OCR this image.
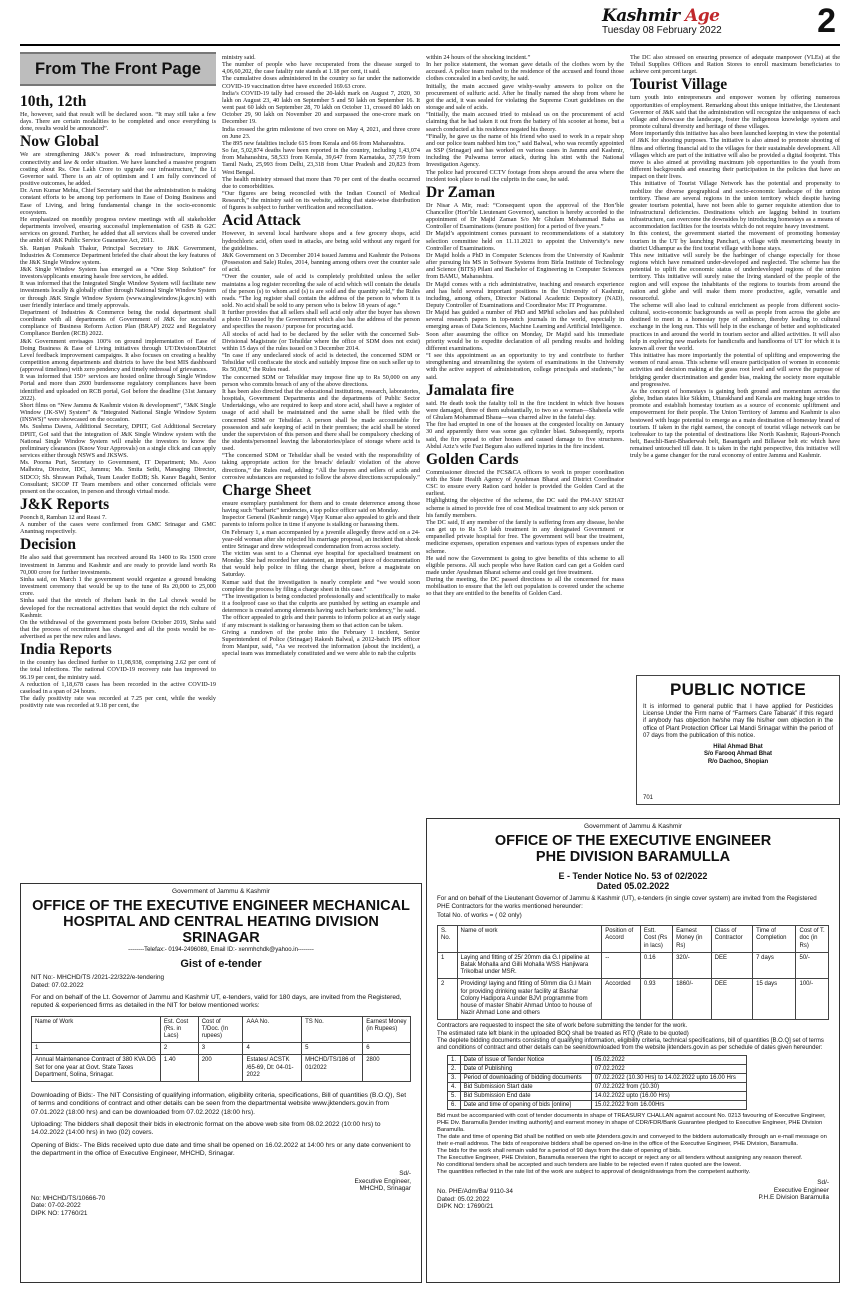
Kashmir Age
Tuesday 08 February 2022	2
From The Front Page
10th, 12th

He, however, said that result will be declared soon. “It may still take a few days. There are certain modalities to be completed and once everything is done, results would be announced”.

Now Global

We are strengthening J&K’s power & road infrastructure, improving connectivity and law & order situation. We have launched a massive program costing about Rs. One Lakh Crore to upgrade our infrastructure,” the Lt Governor said. There is an air of optimism and I am fully convinced of positive outcomes, he added.

Dr. Arun Kumar Mehta, Chief Secretary said that the administration is making constant efforts to be among top performers in Ease of Doing Business and Ease of Living, and bring fundamental change in the socio-economic ecosystem.

He emphasized on monthly progress review meetings with all stakeholder departments involved, ensuring successful implementation of GSB & G2C services on ground. Further, he added that all services shall be covered under the ambit of J&K Public Service Guarantee Act, 2011.

Sh. Ranjan Prakash Thakur, Principal Secretary to J&K Government, Industries & Commerce Department briefed the chair about the key features of the J&K Single Window system.

J&K Single Window System has emerged as a “One Stop Solution” for investors/applicants ensuring hassle free services, he added.

It was informed that the Integrated Single Window System will facilitate new investments locally & globally either through National Single Window System or through J&K Single Window System (www.singlewindow.jk.gov.in) with user friendly interface and timely approvals.

Department of Industries & Commerce being the nodal department shall coordinate with all departments of Government of J&K for successful compliance of Business Reform Action Plan (BRAP) 2022 and Regulatory Compliance Burden (RCB) 2022.

J&K Government envisages 100% on ground implementation of Ease of Doing Business & Ease of Living initiatives through UT/Division/District Level feedback improvement campaigns. It also focuses on creating a healthy competition among departments and districts to have the best MIS dashboard (approval timelines) with zero pendency and timely redressal of grievances.

It was informed that 150+ services are hosted online through Single Window Portal and more than 2600 burdensome regulatory compliances have been identified and uploaded on RCB portal, GoI before the deadline (31st January 2022).

Short films on “New Jammu & Kashmir vision & development”, “J&K Single Window (JK-SW) System” & “Integrated National Single Window System (INSWS)” were showcased on the occasion.

Ms. Sushma Dawra, Additional Secretary, DPIIT, GoI Additional Secretary DPIIT, GoI said that the integration of J&K Single Window system with the National Single Window System will enable the investors to know the preliminary clearances (Know Your Approvals) on a single click and can apply services either through NSWS and JKSWS.

Ms. Poorna Puri, Secretary to Government, IT Department; Ms. Asoo Malhotra, Director, IDC, Jammu; Ms. Smita Sethi, Managing Director, SIDCO; Sh. Shrawan Pathak, Team Leader EoDB; Sh. Karav Bagahi, Senior Consultant; SICOP IT Team members and other concerned officials were present on the occasion, in person and through virtual mode.

J&K Reports

Poonch 8, Ramban 12 and Reasi 7.

A number of the cases were confirmed from GMC Srinagar and GMC Anantnag respectively.

Decision

He also said that government has received around Rs 1400 to Rs 1500 crore investment in Jammu and Kashmir and are ready to provide land worth Rs 70,000 crore for further investments.

Sinha said, on March 1 the government would organize a ground breaking investment ceremony that would be up to the tune of Rs 20,000 to 25,000 crore.

Sinha said that the stretch of Jhelum bank in the Lal chowk would be developed for the recreational activities that would depict the rich culture of Kashmir.

On the withdrawal of the government posts before October 2019, Sinha said that the process of recruitment has changed and all the posts would be re-advertised as per the new rules and laws.

India Reports

in the country has declined further to 11,08,938, comprising 2.62 per cent of the total infections. The national COVID-19 recovery rate has improved to 96.19 per cent, the ministry said.

A reduction of 1,18,678 cases has been recorded in the active COVID-19 caseload in a span of 24 hours.

The daily positivity rate was recorded at 7.25 per cent, while the weekly positivity rate was recorded at 9.18 per cent, the

ministry said.

The number of people who have recuperated from the disease surged to 4,06,60,202, the case fatality rate stands at 1.18 per cent, it said.

The cumulative doses administered in the country so far under the nationwide COVID-19 vaccination drive have exceeded 169.63 crore.

India’s COVID-19 tally had crossed the 20-lakh mark on August 7, 2020, 30 lakh on August 23, 40 lakh on September 5 and 50 lakh on September 16. It went past 60 lakh on September 28, 70 lakh on October 11, crossed 80 lakh on October 29, 90 lakh on November 20 and surpassed the one-crore mark on December 19.

India crossed the grim milestone of two crore on May 4, 2021, and three crore on June 23.

The 895 new fatalities include 615 from Kerala and 66 from Maharashtra.

So far, 5,02,874 deaths have been reported in the country, including 1,43,074 from Maharashtra, 58,533 from Kerala, 39,647 from Karnataka, 37,759 from Tamil Nadu, 25,993 from Delhi, 23,318 from Uttar Pradesh and 20,823 from West Bengal.

The health ministry stressed that more than 70 per cent of the deaths occurred due to comorbidities.

“Our figures are being reconciled with the Indian Council of Medical Research,” the ministry said on its website, adding that state-wise distribution of figures is subject to further verification and reconciliation.

Acid Attack

However, in several local hardware shops and a few grocery shops, acid hydrochloric acid, often used in attacks, are being sold without any regard for the guidelines.

J&K Government on 3 December 2014 issued Jammu and Kashmir the Poisons (Possession and Sale) Rules, 2014, banning among others over the counter sale of acid.

“Over the counter, sale of acid is completely prohibited unless the seller maintains a log register recording the sale of acid which will contain the details of the person (s) to whom acid (s) is are sold and the quantity sold,” the Rules reads. “The log register shall contain the address of the person to whom it is sold. No acid shall be sold to any person who is below 18 years of age.”

It further provides that all sellers shall sell acid only after the buyer has shown a photo ID issued by the Government which also has the address of the person and specifies the reason / purpose for procuring acid.

All stocks of acid had to be declared by the seller with the concerned Sub-Divisional Magistrate (or Tehsildar where the office of SDM does not exist) within 15 days of the rules issued on 3 December 2014.

“In case if any undeclared stock of acid is detected, the concerned SDM or Tehsildar will confiscate the stock and suitably impose fine on such seller up to Rs 50,000,” the Rules read.

The concerned SDM or Tehsildar may impose fine up to Rs 50,000 on any person who commits breach of any of the above directions.

It has been also directed that the educational institutions, research, laboratories, hospitals, Government Departments and the departments of Public Sector Undertakings, who are required to keep and store acid, shall have a register of usage of acid shall be maintained and the same shall be filed with the concerned SDM or Tehsildar. A person shall be made accountable for possession and safe keeping of acid in their premises; the acid shall be stored under the supervision of this person and there shall be compulsory checking of the students/personnel leaving the laboratories/place of storage where acid is used.

“The concerned SDM or Tehsildar shall be vested with the responsibility of taking appropriate action for the breach/ default/ violation of the above directions,” the Rules read, adding: “All the buyers and sellers of acids and corrosive substances are requested to follow the above directions scrupulously.”

Charge Sheet

ensure exemplary punishment for them and to create deterrence among those having such “barbaric” tendencies, a top police officer said on Monday.

Inspector General (Kashmir range) Vijay Kumar also appealed to girls and their parents to inform police in time if anyone is stalking or harassing them.

On February 1, a man accompanied by a juvenile allegedly threw acid on a 24-year-old woman after she rejected his marriage proposal, an incident that shook entire Srinagar and drew widespread condemnation from across society.

The victim was sent to a Chennai eye hospital for specialised treatment on Monday. She had recorded her statement, an important piece of documentation that would help police in filing the charge sheet, before a magistrate on Saturday.

Kumar said that the investigation is nearly complete and “we would soon complete the process by filing a charge sheet in this case.”

“The investigation is being conducted professionally and scientifically to make it a foolproof case so that the culprits are punished by setting an example and deterrence is created among elements having such barbaric tendency,” he said.

The officer appealed to girls and their parents to inform police at an early stage if any miscreant is stalking or harassing them so that action can be taken.

Giving a rundown of the probe into the February 1 incident, Senior Superintendent of Police (Srinagar) Rakesh Balwal, a 2012-batch IPS officer from Manipur, said, “As we received the information (about the incident), a special team was immediately constituted and we were able to nab the culprits

within 24 hours of the shocking incident.”

In her police statement, the woman gave details of the clothes worn by the accused. A police team rushed to the residence of the accused and found those clothes concealed in a bed cavity, he said.

Initially, the main accused gave wishy-washy answers to police on the procurement of sulfuric acid. After he finally named the shop from where he got the acid, it was sealed for violating the Supreme Court guidelines on the storage and sale of acids.

“Initially, the main accused tried to mislead us on the procurement of acid claiming that he had taken it out from the battery of his scooter at home, but a search conducted at his residence negated his theory.

“Finally, he gave us the name of his friend who used to work in a repair shop and our police team nabbed him too,” said Balwal, who was recently appointed as SSP (Srinagar) and has worked on various cases in Jammu and Kashmir, including the Pulwama terror attack, during his stint with the National Investigation Agency.

The police had procured CCTV footage from shops around the area where the incident took place to nail the culprits in the case, he said.

Dr Zaman

Dr Nisar A Mir, read: “Consequent upon the approval of the Hon’ble Chancellor (Hon’ble Lieutenant Governor), sanction is hereby accorded to the appointment of Dr Majid Zaman S/o Mr Ghulam Mohammad Baba as Controller of Examinations (tenure position) for a period of five years.”

Dr Majid’s appointment comes pursuant to recommendations of a statutory selection committee held on 11.11.2021 to appoint the University’s new Controller of Examinations.

Dr Majid holds a PhD in Computer Sciences from the University of Kashmir after pursuing his MS in Software Systems from Birla Institute of Technology and Science (BITS) Pilani and Bachelor of Engineering in Computer Sciences from BAMU, Maharashtra.

Dr Majid comes with a rich administrative, teaching and research experience and has held several important positions in the University of Kashmir, including, among others, Director National Academic Depository (NAD), Deputy Controller of Examinations and Coordinator Msc IT Programme.

Dr Majid has guided a number of PhD and MPhil scholars and has published several research papers in top-notch journals in the world, especially in emerging areas of Data Sciences, Machine Learning and Artificial Intelligence.

Soon after assuming the office on Monday, Dr Majid said his immediate priority would be to expedite declaration of all pending results and holding different examinations.

“I see this appointment as an opportunity to try and contribute to further strengthening and streamlining the system of examinations in the University with the active support of administration, college principals and students,” he said.

Jamalata fire

said. He death took the fatality toll in the fire incident in which five houses were damaged, three of them substantially, to two so a woman—Shaheela wife of Ghulam Mohammad Bhaua—was charred alive in the fateful day.

The fire had erupted in one of the houses at the congested locality on January 30 and apparently there was some gas cylinder blast. Subsequently, reports said, the fire spread to other houses and caused damage to five structures. Abdul Aziz’s wife Fazi Begum also suffered injuries in the fire incident.

Golden Cards

Commissioner directed the FCS&CA officers to work in proper coordination with the State Health Agency of Ayushman Bharat and District Coordinator CSC to ensure every Ration card holder is provided the Golden Card at the earliest.

Highlighting the objective of the scheme, the DC said the PM-JAY SEHAT scheme is aimed to provide free of cost Medical treatment to any sick person or his family members.

The DC said, If any member of the family is suffering from any disease, he/she can get up to Rs 5.0 lakh treatment in any designated Government or empanelled private hospital for free. The government will bear the treatment, medicine expenses, operation expenses and various types of expenses under the scheme.

He said now the Government is going to give benefits of this scheme to all eligible persons. All such people who have Ration card can get a Golden card made under Ayushman Bharat scheme and could get free treatment.

During the meeting, the DC passed directions to all the concerned for mass mobilisation to ensure that the left out population is covered under the scheme so that they are entitled to the benefits of Golden Card.

The DC also stressed on ensuring presence of adequate manpower (VLEs) at the Tehsil Supplies Offices and Ration Stores to enroll maximum beneficiaries to achieve cent percent target.

Tourist Village

turn youth into entrepreneurs and empower women by offering numerous opportunities of employment. Remarking about this unique initiative, the Lieutenant Governor of J&K said that the administration will recognize the uniqueness of each village and showcase the landscape, foster the indigenous knowledge system and promote cultural diversity and heritage of these villages.

More importantly this initiative has also been launched keeping in view the potential of J&K for shooting purposes. The initiative is also aimed to promote shooting of films and offering financial aid to the villages for their sustainable development. All villages which are part of the initiative will also be provided a digital footprint. This move is also aimed at providing maximum job opportunities to the youth from different backgrounds and ensuring their participation in the policies that have an impact on their lives.

This initiative of Tourist Village Network has the potential and propensity to mobilize the diverse geographical and socio-economic landscape of the union territory. These are several regions in the union territory which despite having greater tourism potential, have not been able to garner requisite attention due to infrastructural deficiencies. Destinations which are lagging behind in tourism infrastructure, can overcome the downsides by introducing homestays as a means of accommodation facilities for the tourists which do not require heavy investment.

In this context, the government started the movement of promoting homestay tourism in the UT by launching Panchari, a village with mesmerizing beauty in district Udhampur as the first tourist village with home stays.

This new initiative will surely be the harbinger of change especially for those regions which have remained under-developed and neglected. The scheme has the potential to uplift the economic status of underdeveloped regions of the union territory. This initiative will surely raise the living standard of the people of the region and will expose the inhabitants of the regions to tourists from around the nation and globe and will make them more productive, agile, versatile and resourceful.

The scheme will also lead to cultural enrichment as people from different socio-cultural, socio-economic backgrounds as well as people from across the globe are destined to meet in a homestay type of ambience, thereby leading to cultural exchange in the long run. This will help in the exchange of better and sophisticated practices in and around the world in tourism sector and allied activities. It will also help in exploring new markets for handicrafts and handlooms of UT for which it is known all over the world.

This initiative has more importantly the potential of uplifting and empowering the women of rural areas. This scheme will ensure participation of women in economic activities and decision making at the grass root level and will serve the purpose of bridging gender discrimination and gender bias, making the society more equitable and progressive.

As the concept of homestays is gaining both ground and momentum across the globe, Indian states like Sikkim, Uttarakhand and Kerala are making huge strides to promote and establish homestay tourism as a source of economic upliftment and empowerment for their people. The Union Territory of Jammu and Kashmir is also bestowed with huge potential to emerge as a main destination of homestay brand of tourism. If taken in the right earnest, the concept of tourist village network can be icebreaker to tap the potential of destinations like North Kashmir, Rajouri-Poonch belt, Baschli-Bani-Bhaderwah belt, Basantgarh and Billawar belt etc which have remained untouched till date. It is taken in the right perspective, this initiative will truly be a game changer for the rural economy of entire Jammu and Kashmir.

PUBLIC NOTICE
It is informed to general public that I have applied for Pesticides License Under the Firm name of “Farmers Care Tabarak” if this regard if anybody has objection he/she may file his/her own objection in the office of Plant Protection Officer Lal Mandi Srinagar within the period of 07 days from the publication of this notice.
Hilal Ahmad Bhat
S/o Farooq Ahmad Bhat
R/o Dachoo, Shopian
701
Government of Jammu & Kashmir
OFFICE OF THE EXECUTIVE ENGINEER MECHANICAL
HOSPITAL AND CENTRAL HEATING DIVISION SRINAGAR
--------Telefax:- 0194-2496089, Email ID:- xenmhchdk@yahoo.in--------
Gist of e-tender
NIT No:- MHCHD/TS /2021-22/322/e-tendering
Dated: 07.02.2022
For and on behalf of the Lt. Governor of Jammu and Kashmir UT, e-tenders, valid for 180 days, are invited from the Registered, reputed & experienced firms as detailed in the NIT for below mentioned works:
Name of Work	Est. Cost (Rs. in Lacs)	Cost of T/Doc. (In rupees)	AAA No.	TS No.	Earnest Money (in Rupees)
1	2	3	4	5	6
Annual Maintenance Contract of 380 KVA DG Set for one year at Govt. State Taxes Department, Solina, Srinagar.	1.40	200	Estates/ ACSTK /65-69, Dt: 04-01-2022	MHCHD/TS/186 of 01/2022	2800
Downloading of Bids:- The NIT Consisting of qualifying information, eligibility criteria, specifications, Bill of quantities (B.O.Q), Set of terms and conditions of contract and other details can be seen from the departmental website www.jktenders.gov.in from 07.01.2022 (18:00 hrs) and can be downloaded from 07.02.2022 (18:00 hrs).
Uploading: The bidders shall deposit their bids in electronic format on the above web site from 08.02.2022 (10:00 hrs) to 14.02.2022 (14:00 hrs) in two (02) covers.
Opening of Bids:- The Bids received upto due date and time shall be opened on 16.02.2022 at 14:00 hrs or any date convenient to the department in the office of Executive Engineer, MHCHD, Srinagar.
Sd/-
Executive Engineer,
MHCHD, Srinagar
No: MHCHD/TS/10666-70
Date: 07-02-2022
DIPK NO: 17760/21
Government of Jammu & Kashmir
OFFICE OF THE EXECUTIVE ENGINEER
PHE DIVISION BARAMULLA
E - Tender Notice No. 53 of 02/2022
Dated 05.02.2022
For and on behalf of the Lieutenant Governor of Jammu & Kashmir (UT), e-tenders (in single cover system) are invited from the Registered PHE Contractors for the works mentioned hereunder:
Total No. of works = ( 02 only)
S. No.	Name of work	Position of Accord	Estt. Cost (Rs in lacs)	Earnest Money (in Rs)	Class of Contractor	Time of Completion	Cost of T. doc (in Rs)
1	Laying and fitting of 25/ 20mm dia G.I pipeline at Batak Mohalla and Gilli Mohalla WSS Hanjiwara Trikolbal under MSR.	--	0.16	320/-	DEE	7 days	50/-
2	Providing/ laying and fitting of 50mm dia G.I Main for providing drinking water facility at Bashar Colony Hadipora A under BJVI programme from house of master Shabir Ahmad Untoo to house of Nazir Ahmad Lone and others	Accorded	0.93	1860/-	DEE	15 days	100/-
Contractors are requested to inspect the site of work before submitting the tender for the work.
The estimated rate left blank in the uploaded BOQ shall be treated as RTQ (Rate to be quoted)
The deplete bidding documents consisting of qualifying information, eligibility criteria, technical specifications, bill of quantities [B.O.Q] set of terms and conditions of contract and other details can be seen/downloaded from the website jktenders.gov.in as per schedule of dates given hereunder:
1.	Date of Issue of Tender Notice	05.02.2022
2.	Date of Publishing	07.02.2022
3.	Period of downloading of bidding documents	07.02.2022 (10.30 Hrs) to 14.02.2022 upto 16.00 Hrs
4.	Bid Submission Start date	07.02.2022 from (10.30)
5.	Bid Submission End date	14.02.2022 upto (16.00 Hrs)
6.	Date and time of opening of bids [online]	15.02.2022 from 16.00Hrs
Bid must be accompanied with cost of tender documents in shape of TREASURY CHALLAN against account No. 0213 favouring of Executive Engineer, PHE Div. Baramulla [tender inviting authority] and earnest money in shape of CDR/FDR/Bank Guarantee pledged to Executive Engineer, PHE Division Baramulla.
The date and time of opening Bid shall be notified on web site jktenders.gov.in and conveyed to the bidders automatically through an e-mail message on their e-mail address. The bids of responsive bidders shall be opened on-line in the office of the Executive Engineer, PHE Division, Baramulla.
The bids for the work shall remain valid for a period of 90 days from the date of opening of bids.
The Executive Engineer, PHE Division, Baramulla reserves the right to accept or reject any or all tenders without assigning any reason thereof.
No conditional tenders shall be accepted and such tenders are liable to be rejected even if rates quoted are the lowest.
The quantities reflected in the rate list of the work are subject to approval of design/drawings from the competent authority.
Sd/-
Executive Engineer
P.H.E Division Baramulla
No. PHE/Adm/Ba/ 9110-34
Dated: 05.02.2022
DIPK NO: 17690/21
